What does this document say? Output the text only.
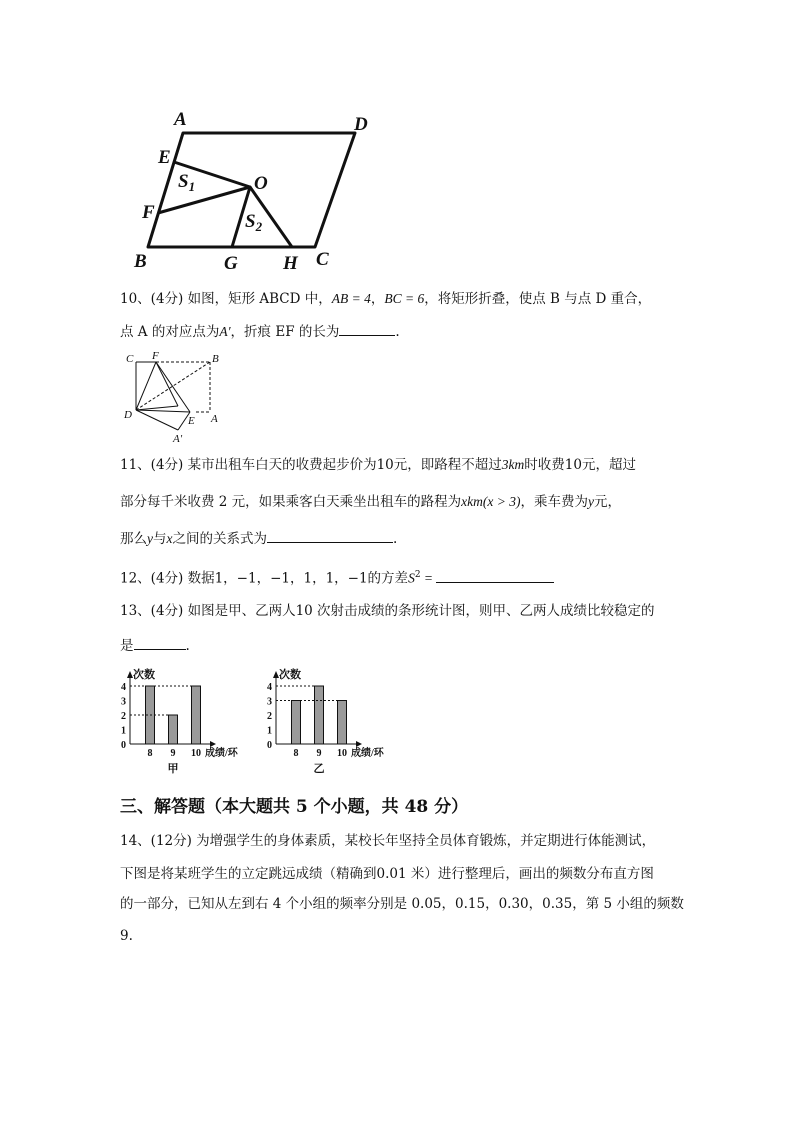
A	D
E
O
$S_1$
F	$S_2$
B	G H C
10、(4分) 如图，矩形 ABCD 中，AB = 4，BC = 6，将矩形折叠，使点 B 与点 D 重合，
点 A 的对应点为A′，折痕 EF 的长为	.
C F	B
D	E A
A′
11、(4分) 某市出租车白天的收费起步价为10元，即路程不超过3km时收费10元，超过
部分每千米收费 2 元，如果乘客白天乘坐出租车的路程为xkm(x > 3)，乘车费为y元，
那么y与x之间的关系式为	.
12、(4分) 数据1，−1，−1，1，1，−1的方差$S^2$ =
13、(4分) 如图是甲、乙两人10 次射击成绩的条形统计图，则甲、乙两人成绩比较稳定的
是	.
次数
0
1
2
3
4
8 9 10 成绩/环
甲
次数
0
1
2
3
4
8 9 10 成绩/环
乙
三、解答题（本大题共 5 个小题，共 48 分）
14、(12分) 为增强学生的身体素质，某校长年坚持全员体育锻炼，并定期进行体能测试，
下图是将某班学生的立定跳远成绩（精确到0.01 米）进行整理后，画出的频数分布直方图
的一部分，已知从左到右 4 个小组的频率分别是 0.05，0.15，0.30，0.35，第 5 小组的频数
9.
